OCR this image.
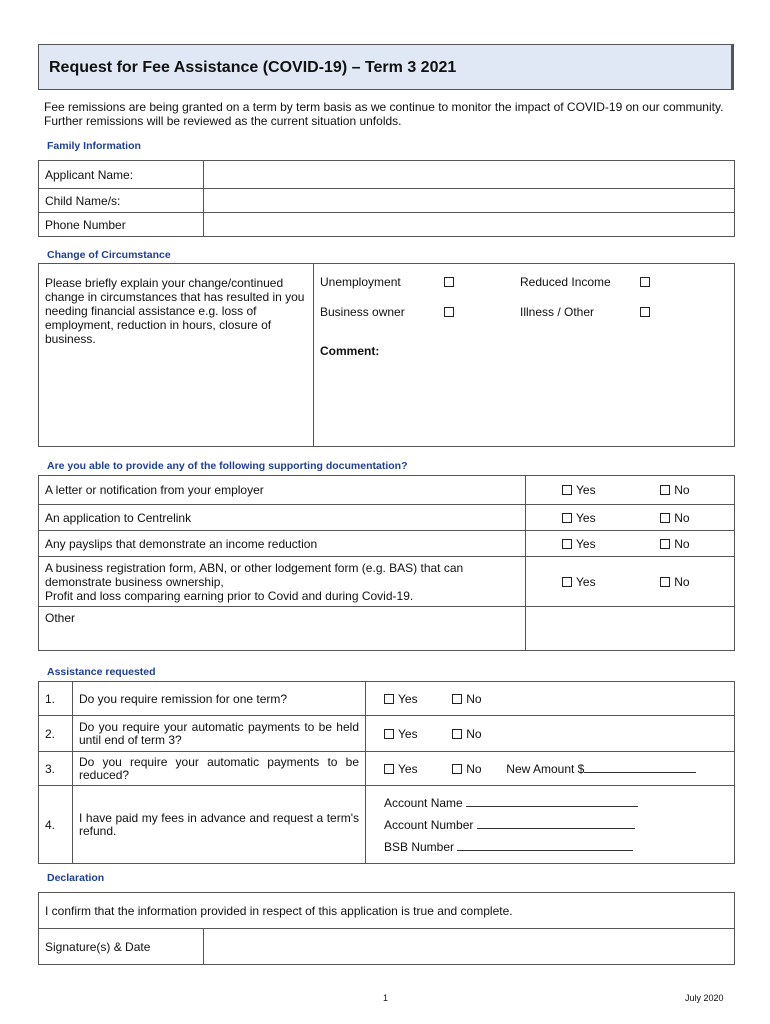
Request for Fee Assistance (COVID-19) – Term 3 2021
Fee remissions are being granted on a term by term basis as we continue to monitor the impact of COVID-19 on our community. Further remissions will be reviewed as the current situation unfolds.
Family Information
Applicant Name:	
Child Name/s:	
Phone Number	
Change of Circumstance
Please briefly explain your change/continued change in circumstances that has resulted in you needing financial assistance e.g. loss of employment, reduction in hours, closure of business.	
Unemployment	Reduced Income
Business owner	Illness / Other
Comment:
Are you able to provide any of the following supporting documentation?
A letter or notification from your employer	Yes No
An application to Centrelink	Yes No
Any payslips that demonstrate an income reduction	Yes No

A business registration form, ABN, or other lodgement form (e.g. BAS) that can demonstrate business ownership,
Profit and loss comparing earning prior to Covid and during Covid-19.	Yes No
Other	
Assistance requested
1.	Do you require remission for one term?	Yes No
2.	Do you require your automatic payments to be held until end of term 3?	Yes No
3.	Do you require your automatic payments to be reduced?	Yes No New Amount $
4.	I have paid my fees in advance and request a term's refund.	Account Name
Account Number
BSB Number
Declaration
I confirm that the information provided in respect of this application is true and complete.
Signature(s) & Date	
1	July 2020
